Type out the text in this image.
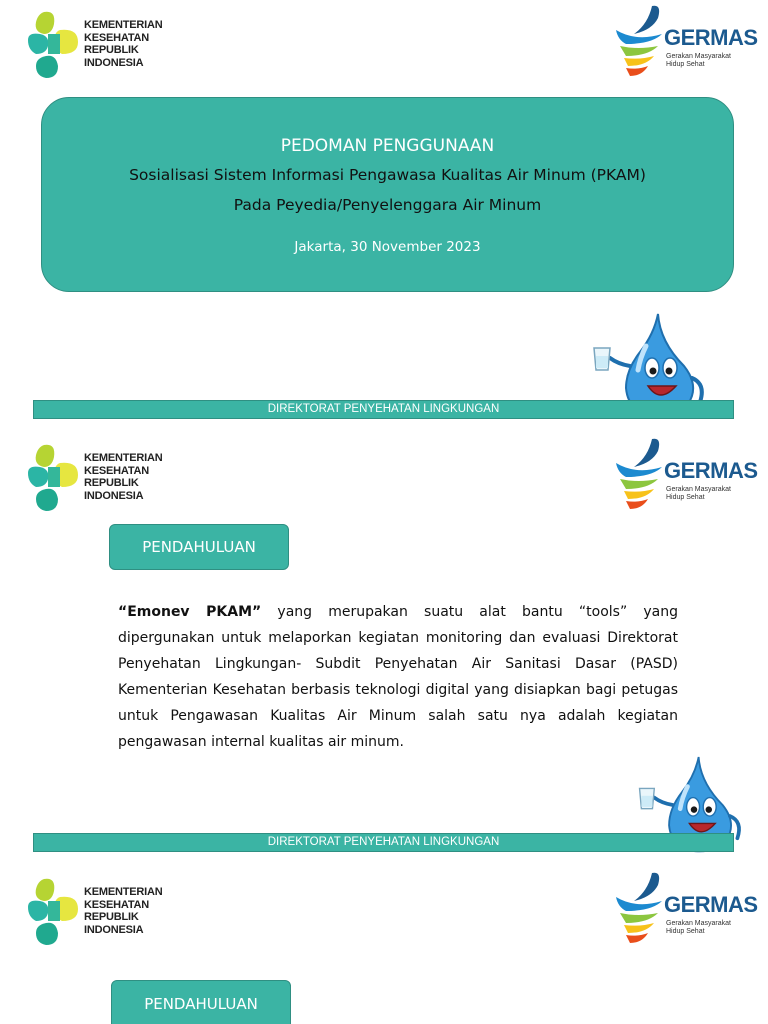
KEMENTERIAN
KESEHATAN
REPUBLIK
INDONESIA
GERMAS
Gerakan Masyarakat
Hidup Sehat
PEDOMAN PENGGUNAAN
Sosialisasi Sistem Informasi Pengawasa Kualitas Air Minum (PKAM)
Pada Peyedia/Penyelenggara Air Minum
Jakarta, 30 November 2023
DIREKTORAT PENYEHATAN LINGKUNGAN
KEMENTERIAN
KESEHATAN
REPUBLIK
INDONESIA
GERMAS
Gerakan Masyarakat
Hidup Sehat
PENDAHULUAN

“Emonev PKAM” yang merupakan suatu alat bantu “tools” yang dipergunakan untuk melaporkan kegiatan monitoring dan evaluasi Direktorat Penyehatan Lingkungan- Subdit Penyehatan Air Sanitasi Dasar (PASD) Kementerian Kesehatan berbasis teknologi digital yang disiapkan bagi petugas untuk Pengawasan Kualitas Air Minum salah satu nya adalah kegiatan pengawasan internal kualitas air minum.

DIREKTORAT PENYEHATAN LINGKUNGAN
KEMENTERIAN
KESEHATAN
REPUBLIK
INDONESIA
GERMAS
Gerakan Masyarakat
Hidup Sehat
PENDAHULUAN
